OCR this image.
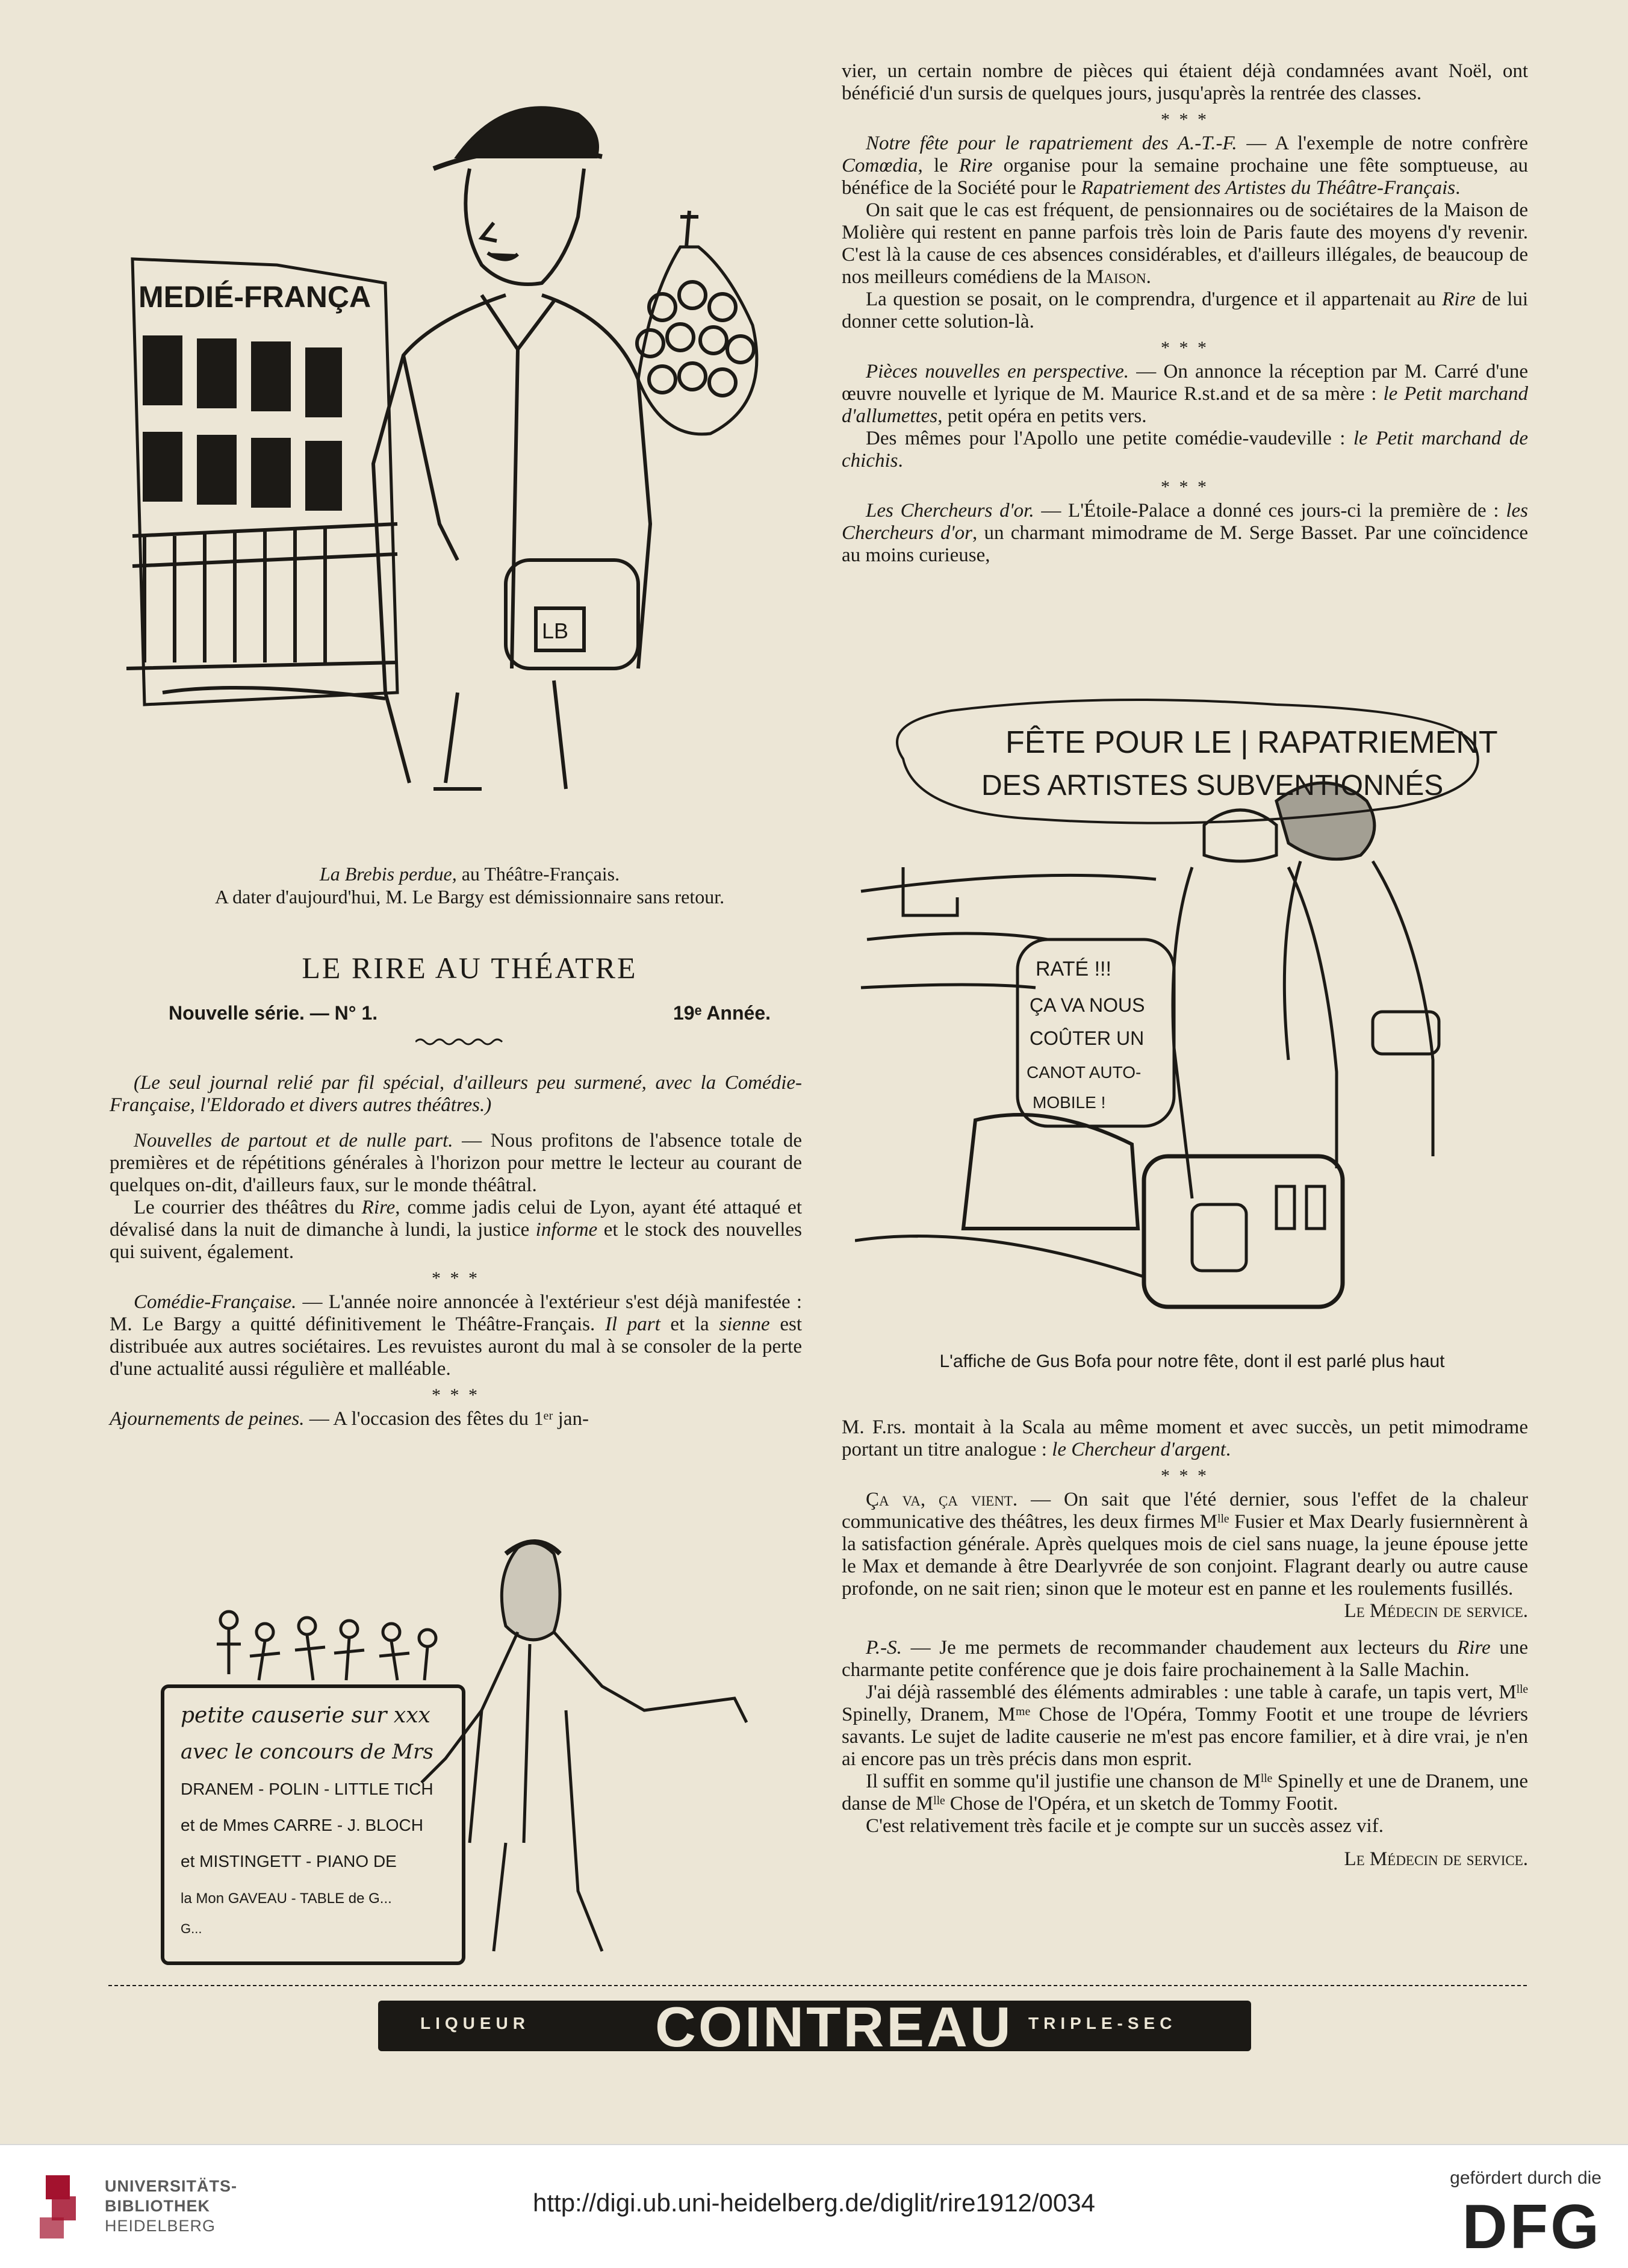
MEDIÉ-FRANÇA
LB
La Brebis perdue, au Théâtre-Français.
A dater d'aujourd'hui, M. Le Bargy est démissionnaire sans retour.
LE RIRE AU THÉATRE
Nouvelle série. — N° 1.	19ᵉ Année.

(Le seul journal relié par fil spécial, d'ailleurs peu surmené, avec la Comédie-Française, l'Eldorado et divers autres théâtres.)

Nouvelles de partout et de nulle part. — Nous profitons de l'absence totale de premières et de répétitions générales à l'horizon pour mettre le lecteur au courant de quelques on-dit, d'ailleurs faux, sur le monde théâtral.

Le courrier des théâtres du Rire, comme jadis celui de Lyon, ayant été attaqué et dévalisé dans la nuit de dimanche à lundi, la justice informe et le stock des nouvelles qui suivent, également.

* * *

Comédie-Française. — L'année noire annoncée à l'extérieur s'est déjà manifestée : M. Le Bargy a quitté définitivement le Théâtre-Français. Il part et la sienne est distribuée aux autres sociétaires. Les revuistes auront du mal à se consoler de la perte d'une actualité aussi régulière et malléable.

* * *

Ajournements de peines. — A l'occasion des fêtes du 1ᵉʳ jan-

petite causerie sur xxx
avec le concours de Mrs
DRANEM - POLIN - LITTLE TICH
et de Mmes CARRE - J. BLOCH
et MISTINGETT - PIANO DE
la Mon GAVEAU - TABLE de G...
G...

vier, un certain nombre de pièces qui étaient déjà condamnées avant Noël, ont bénéficié d'un sursis de quelques jours, jusqu'après la rentrée des classes.

* * *

Notre fête pour le rapatriement des A.-T.-F. — A l'exemple de notre confrère Comœdia, le Rire organise pour la semaine prochaine une fête somptueuse, au bénéfice de la Société pour le Rapatriement des Artistes du Théâtre-Français.

On sait que le cas est fréquent, de pensionnaires ou de sociétaires de la Maison de Molière qui restent en panne parfois très loin de Paris faute des moyens d'y revenir. C'est là la cause de ces absences considérables, et d'ailleurs illégales, de beaucoup de nos meilleurs comédiens de la Maison.

La question se posait, on le comprendra, d'urgence et il appartenait au Rire de lui donner cette solution-là.

* * *

Pièces nouvelles en perspective. — On annonce la réception par M. Carré d'une œuvre nouvelle et lyrique de M. Maurice R.st.and et de sa mère : le Petit marchand d'allumettes, petit opéra en petits vers.

Des mêmes pour l'Apollo une petite comédie-vaudeville : le Petit marchand de chichis.

* * *

Les Chercheurs d'or. — L'Étoile-Palace a donné ces jours-ci la première de : les Chercheurs d'or, un charmant mimodrame de M. Serge Basset. Par une coïncidence au moins curieuse,

FÊTE POUR LE | RAPATRIEMENT
DES ARTISTES SUBVENTIONNÉS
RATÉ !!!
ÇA VA NOUS
COÛTER UN
CANOT AUTO-
MOBILE !
L'affiche de Gus Bofa pour notre fête, dont il est parlé plus haut

M. F.rs. montait à la Scala au même moment et avec succès, un petit mimodrame portant un titre analogue : le Chercheur d'argent.

* * *

Ça va, ça vient. — On sait que l'été dernier, sous l'effet de la chaleur communicative des théâtres, les deux firmes Mˡˡᵉ Fusier et Max Dearly fusiernnèrent à la satisfaction générale. Après quelques mois de ciel sans nuage, la jeune épouse jette le Max et demande à être Dearlyvrée de son conjoint. Flagrant dearly ou autre cause profonde, on ne sait rien; sinon que le moteur est en panne et les roulements fusillés.

Le Médecin de service.

P.-S. — Je me permets de recommander chaudement aux lecteurs du Rire une charmante petite conférence que je dois faire prochainement à la Salle Machin.

J'ai déjà rassemblé des éléments admirables : une table à carafe, un tapis vert, Mˡˡᵉ Spinelly, Dranem, Mᵐᵉ Chose de l'Opéra, Tommy Footit et une troupe de lévriers savants. Le sujet de ladite causerie ne m'est pas encore familier, et à dire vrai, je n'en ai encore pas un très précis dans mon esprit.

Il suffit en somme qu'il justifie une chanson de Mˡˡᵉ Spinelly et une de Dranem, une danse de Mˡˡᵉ Chose de l'Opéra, et un sketch de Tommy Footit.

C'est relativement très facile et je compte sur un succès assez vif.

Le Médecin de service.

LIQUEUR COINTREAU TRIPLE-SEC
UNIVERSITÄTS-
BIBLIOTHEK
HEIDELBERG
http://digi.ub.uni-heidelberg.de/diglit/rire1912/0034
gefördert durch die
DFG
